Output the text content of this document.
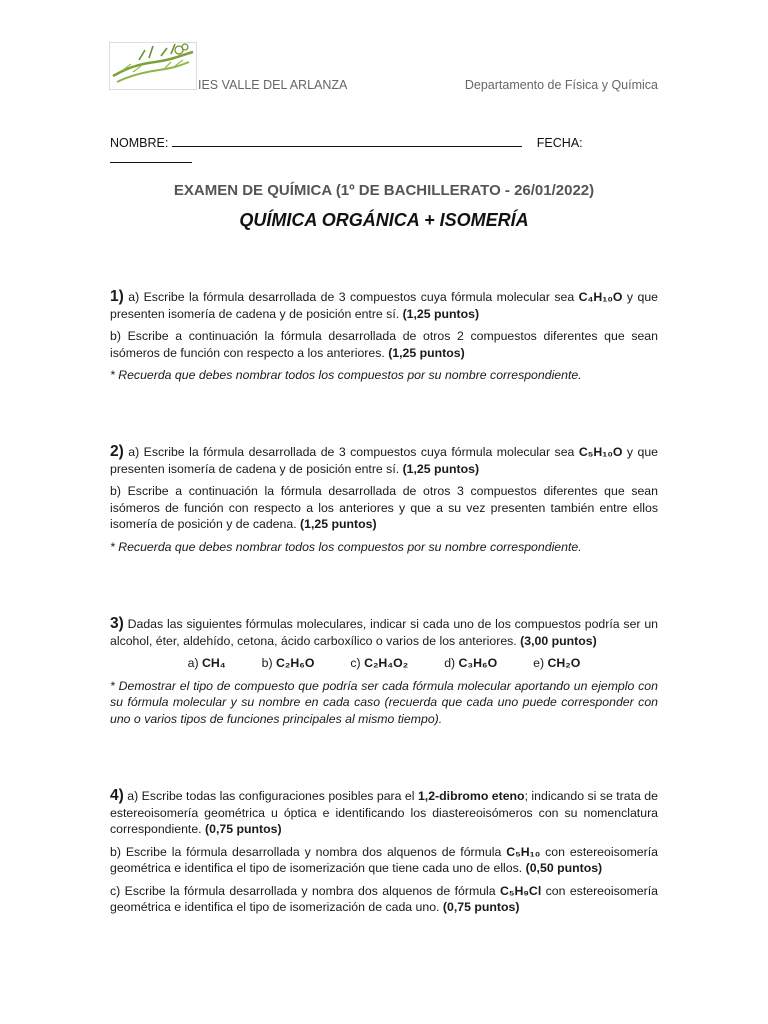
IES VALLE DEL ARLANZA	Departamento de Física y Química
NOMBRE:	FECHA:
EXAMEN DE QUÍMICA (1º DE BACHILLERATO - 26/01/2022)
QUÍMICA ORGÁNICA + ISOMERÍA

1) a) Escribe la fórmula desarrollada de 3 compuestos cuya fórmula molecular sea C₄H₁₀O y que presenten isomería de cadena y de posición entre sí. (1,25 puntos)

b) Escribe a continuación la fórmula desarrollada de otros 2 compuestos diferentes que sean isómeros de función con respecto a los anteriores. (1,25 puntos)

* Recuerda que debes nombrar todos los compuestos por su nombre correspondiente.

2) a) Escribe la fórmula desarrollada de 3 compuestos cuya fórmula molecular sea C₅H₁₀O y que presenten isomería de cadena y de posición entre sí. (1,25 puntos)

b) Escribe a continuación la fórmula desarrollada de otros 3 compuestos diferentes que sean isómeros de función con respecto a los anteriores y que a su vez presenten también entre ellos isomería de posición y de cadena. (1,25 puntos)

* Recuerda que debes nombrar todos los compuestos por su nombre correspondiente.

3) Dadas las siguientes fórmulas moleculares, indicar si cada uno de los compuestos podría ser un alcohol, éter, aldehído, cetona, ácido carboxílico o varios de los anteriores. (3,00 puntos)

a) CH₄	b) C₂H₆O	c) C₂H₄O₂	d) C₃H₆O	e) CH₂O

* Demostrar el tipo de compuesto que podría ser cada fórmula molecular aportando un ejemplo con su fórmula molecular y su nombre en cada caso (recuerda que cada uno puede corresponder con uno o varios tipos de funciones principales al mismo tiempo).

4) a) Escribe todas las configuraciones posibles para el 1,2-dibromo eteno; indicando si se trata de estereoisomería geométrica u óptica e identificando los diastereoisómeros con su nomenclatura correspondiente. (0,75 puntos)

b) Escribe la fórmula desarrollada y nombra dos alquenos de fórmula C₅H₁₀ con estereoisomería geométrica e identifica el tipo de isomerización que tiene cada uno de ellos. (0,50 puntos)

c) Escribe la fórmula desarrollada y nombra dos alquenos de fórmula C₅H₉Cl con estereoisomería geométrica e identifica el tipo de isomerización de cada uno. (0,75 puntos)
